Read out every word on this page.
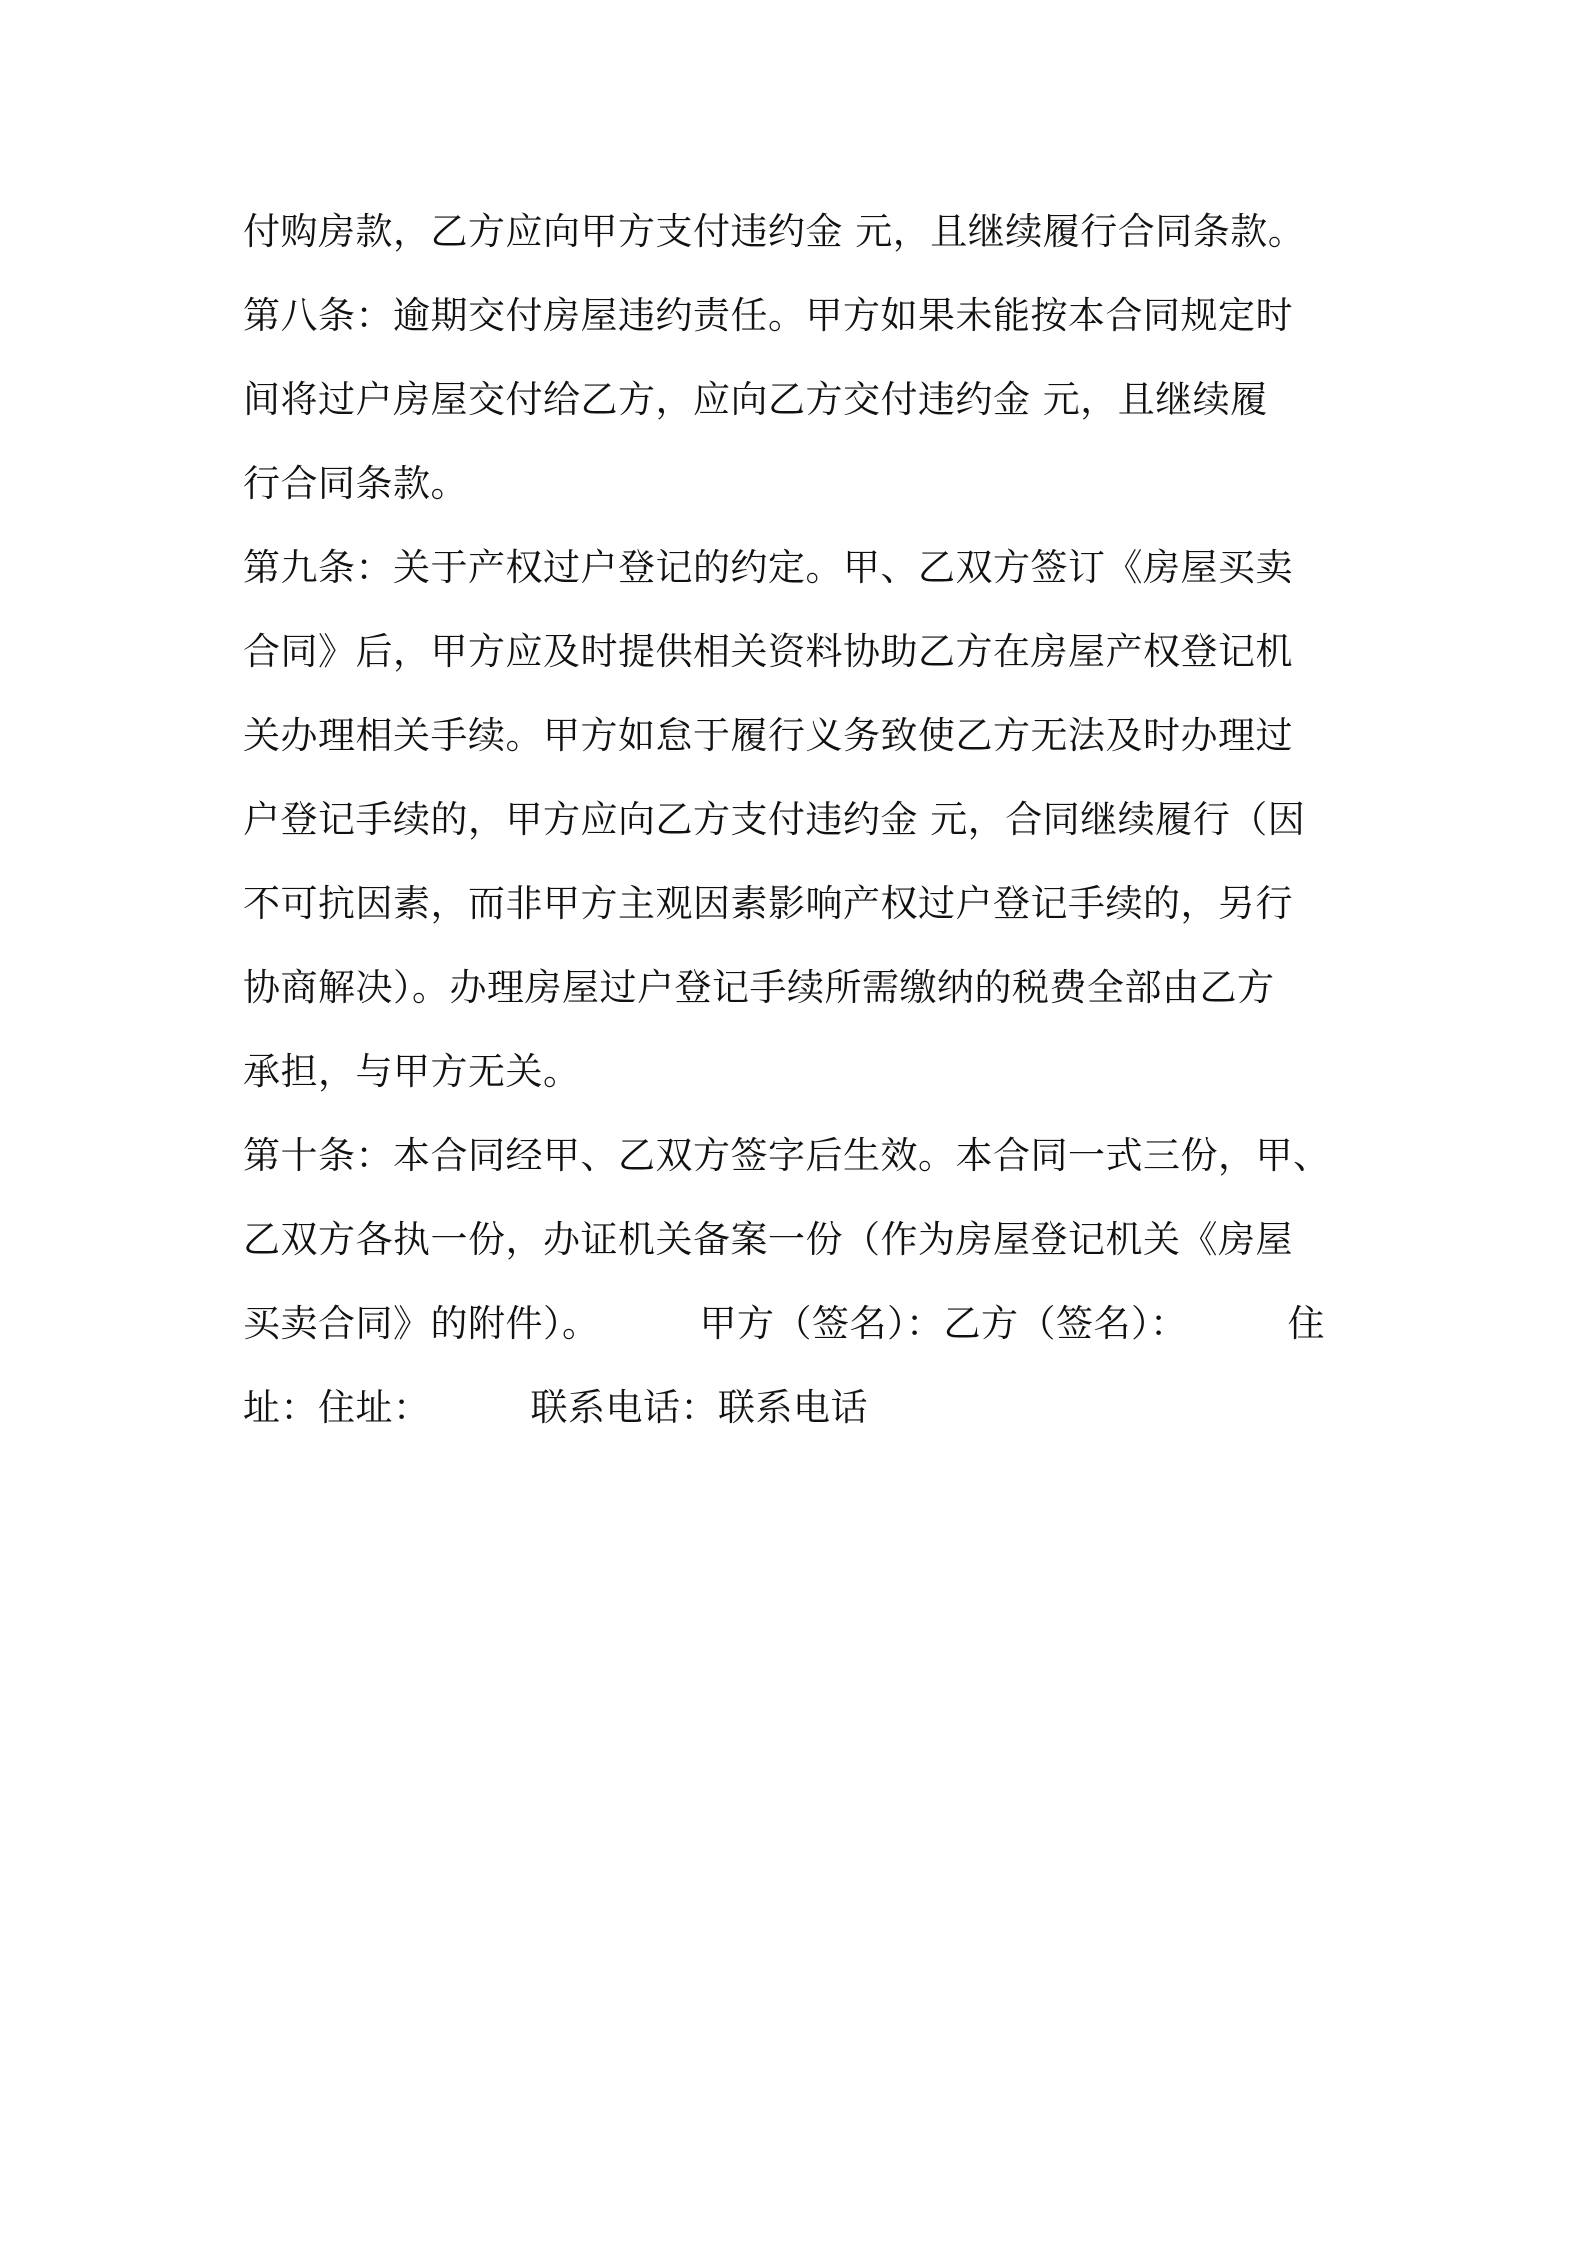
付购房款，乙方应向甲方支付违约金 元，且继续履行合同条款。
第八条：逾期交付房屋违约责任。甲方如果未能按本合同规定时
间将过户房屋交付给乙方，应向乙方交付违约金 元，且继续履
行合同条款。
第九条：关于产权过户登记的约定。甲、乙双方签订《房屋买卖
合同》后，甲方应及时提供相关资料协助乙方在房屋产权登记机
关办理相关手续。甲方如怠于履行义务致使乙方无法及时办理过
户登记手续的，甲方应向乙方支付违约金 元，合同继续履行（因
不可抗因素，而非甲方主观因素影响产权过户登记手续的，另行
协商解决）。办理房屋过户登记手续所需缴纳的税费全部由乙方
承担，与甲方无关。
第十条：本合同经甲、乙双方签字后生效。本合同一式三份，甲、
乙双方各执一份，办证机关备案一份（作为房屋登记机关《房屋
买卖合同》的附件）。	甲方（签名）：乙方（签名）：	住
址：住址：	联系电话：联系电话
